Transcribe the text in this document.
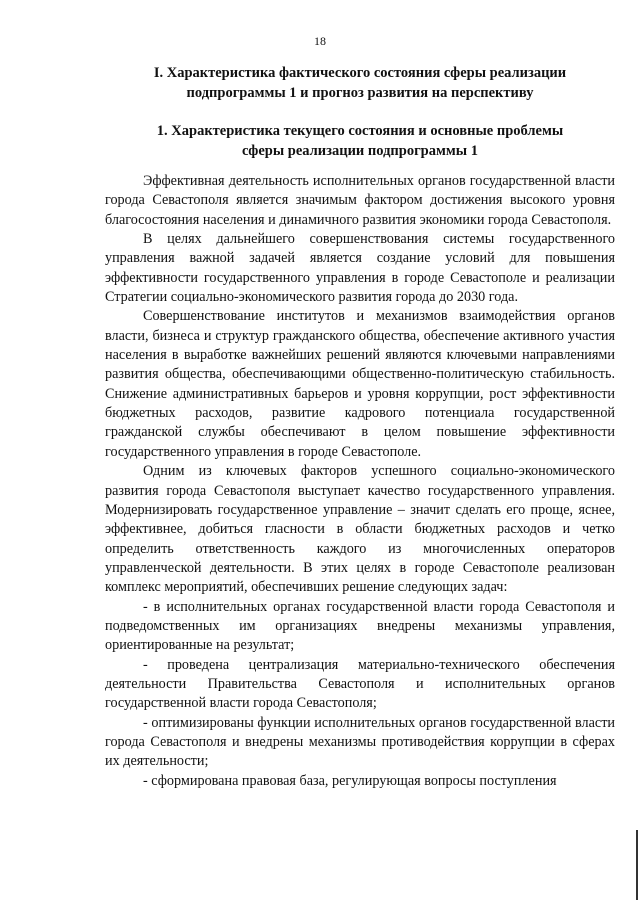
18
I. Характеристика фактического состояния сферы реализации
подпрограммы 1 и прогноз развития на перспективу
1. Характеристика текущего состояния и основные проблемы
сферы реализации подпрограммы 1

Эффективная деятельность исполнительных органов государственной власти города Севастополя является значимым фактором достижения высокого уровня благосостояния населения и динамичного развития экономики города Севастополя.

В целях дальнейшего совершенствования системы государственного управления важной задачей является создание условий для повышения эффективности государственного управления в городе Севастополе и реализации Стратегии социально-экономического развития города до 2030 года.

Совершенствование институтов и механизмов взаимодействия органов власти, бизнеса и структур гражданского общества, обеспечение активного участия населения в выработке важнейших решений являются ключевыми направлениями развития общества, обеспечивающими общественно-политическую стабильность. Снижение административных барьеров и уровня коррупции, рост эффективности бюджетных расходов, развитие кадрового потенциала государственной гражданской службы обеспечивают в целом повышение эффективности государственного управления в городе Севастополе.

Одним из ключевых факторов успешного социально-экономического развития города Севастополя выступает качество государственного управления. Модернизировать государственное управление – значит сделать его проще, яснее, эффективнее, добиться гласности в области бюджетных расходов и четко определить ответственность каждого из многочисленных операторов управленческой деятельности. В этих целях в городе Севастополе реализован комплекс мероприятий, обеспечивших решение следующих задач:

- в исполнительных органах государственной власти города Севастополя и подведомственных им организациях внедрены механизмы управления, ориентированные на результат;

- проведена централизация материально-технического обеспечения деятельности Правительства Севастополя и исполнительных органов государственной власти города Севастополя;

- оптимизированы функции исполнительных органов государственной власти города Севастополя и внедрены механизмы противодействия коррупции в сферах их деятельности;

- сформирована правовая база, регулирующая вопросы поступления
